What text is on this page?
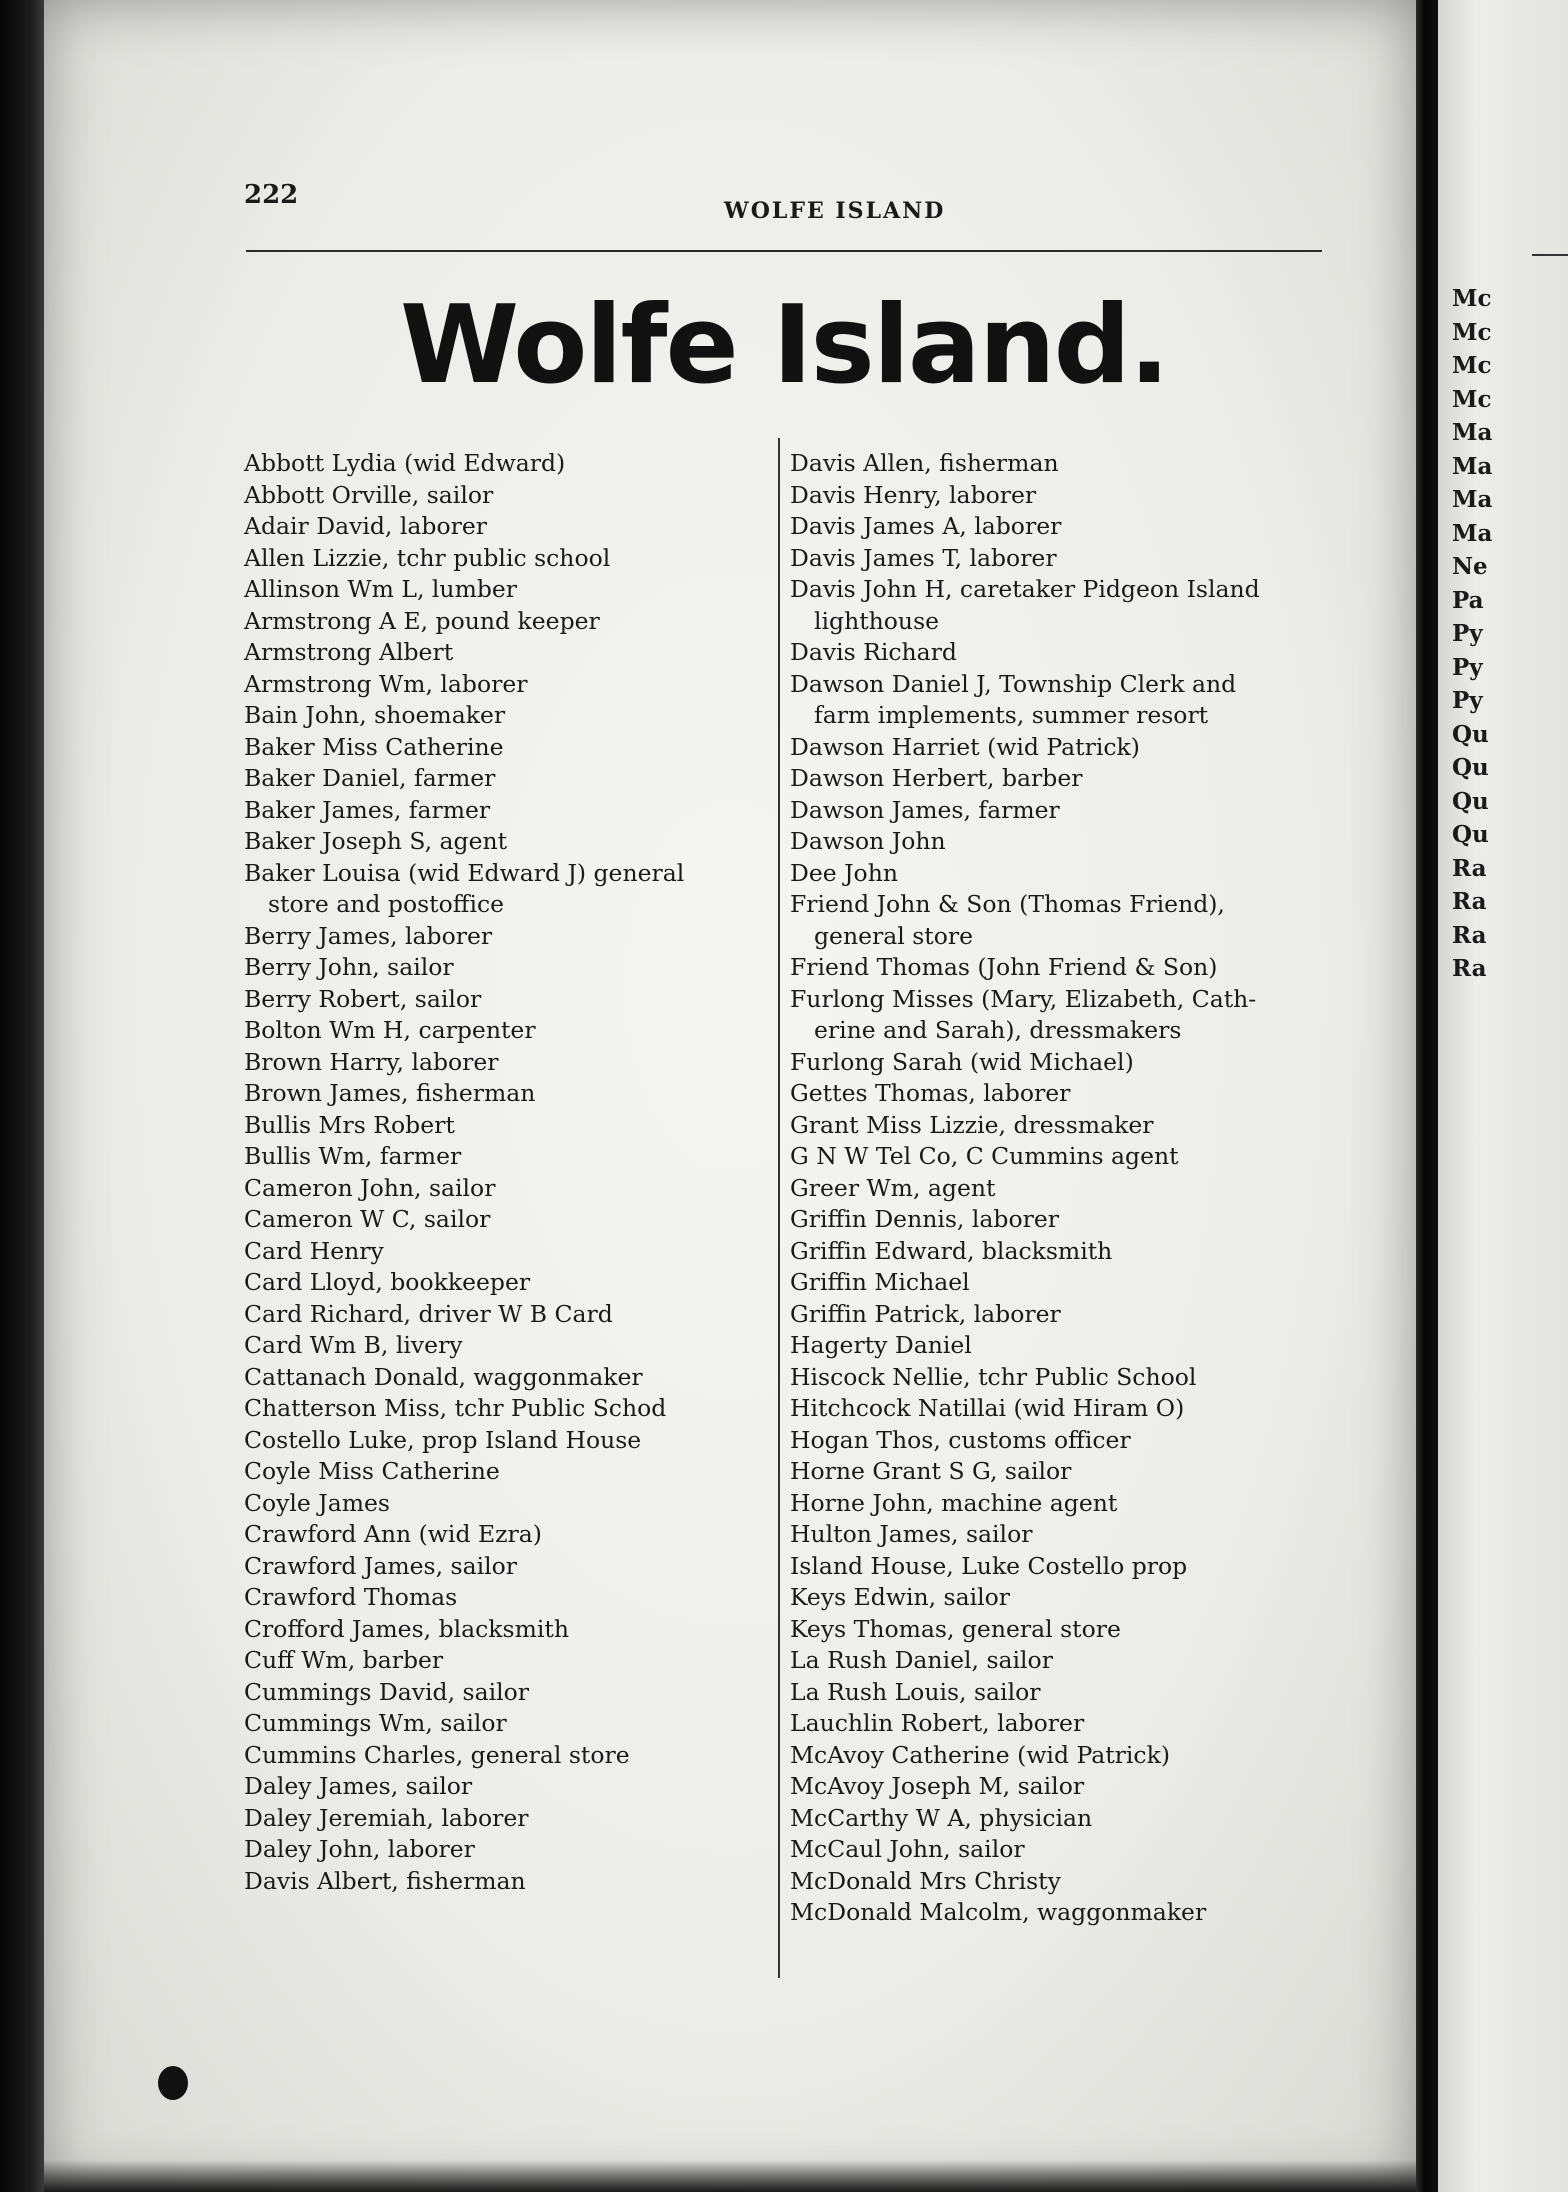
Mc
Mc
Mc
Mc
Ma
Ma
Ma
Ma
Ne
Pa
Py
Py
Py
Qu
Qu
Qu
Qu
Ra
Ra
Ra
Ra
222
WOLFE ISLAND
Wolfe Island.
Abbott Lydia (wid Edward)
Abbott Orville, sailor
Adair David, laborer
Allen Lizzie, tchr public school
Allinson Wm L, lumber
Armstrong A E, pound keeper
Armstrong Albert
Armstrong Wm, laborer
Bain John, shoemaker
Baker Miss Catherine
Baker Daniel, farmer
Baker James, farmer
Baker Joseph S, agent
Baker Louisa (wid Edward J) general
store and postoffice
Berry James, laborer
Berry John, sailor
Berry Robert, sailor
Bolton Wm H, carpenter
Brown Harry, laborer
Brown James, fisherman
Bullis Mrs Robert
Bullis Wm, farmer
Cameron John, sailor
Cameron W C, sailor
Card Henry
Card Lloyd, bookkeeper
Card Richard, driver W B Card
Card Wm B, livery
Cattanach Donald, waggonmaker
Chatterson Miss, tchr Public Schod
Costello Luke, prop Island House
Coyle Miss Catherine
Coyle James
Crawford Ann (wid Ezra)
Crawford James, sailor
Crawford Thomas
Crofford James, blacksmith
Cuff Wm, barber
Cummings David, sailor
Cummings Wm, sailor
Cummins Charles, general store
Daley James, sailor
Daley Jeremiah, laborer
Daley John, laborer
Davis Albert, fisherman
Davis Allen, fisherman
Davis Henry, laborer
Davis James A, laborer
Davis James T, laborer
Davis John H, caretaker Pidgeon Island
lighthouse
Davis Richard
Dawson Daniel J, Township Clerk and
farm implements, summer resort
Dawson Harriet (wid Patrick)
Dawson Herbert, barber
Dawson James, farmer
Dawson John
Dee John
Friend John & Son (Thomas Friend),
general store
Friend Thomas (John Friend & Son)
Furlong Misses (Mary, Elizabeth, Cath-
erine and Sarah), dressmakers
Furlong Sarah (wid Michael)
Gettes Thomas, laborer
Grant Miss Lizzie, dressmaker
G N W Tel Co, C Cummins agent
Greer Wm, agent
Griffin Dennis, laborer
Griffin Edward, blacksmith
Griffin Michael
Griffin Patrick, laborer
Hagerty Daniel
Hiscock Nellie, tchr Public School
Hitchcock Natillai (wid Hiram O)
Hogan Thos, customs officer
Horne Grant S G, sailor
Horne John, machine agent
Hulton James, sailor
Island House, Luke Costello prop
Keys Edwin, sailor
Keys Thomas, general store
La Rush Daniel, sailor
La Rush Louis, sailor
Lauchlin Robert, laborer
McAvoy Catherine (wid Patrick)
McAvoy Joseph M, sailor
McCarthy W A, physician
McCaul John, sailor
McDonald Mrs Christy
McDonald Malcolm, waggonmaker
